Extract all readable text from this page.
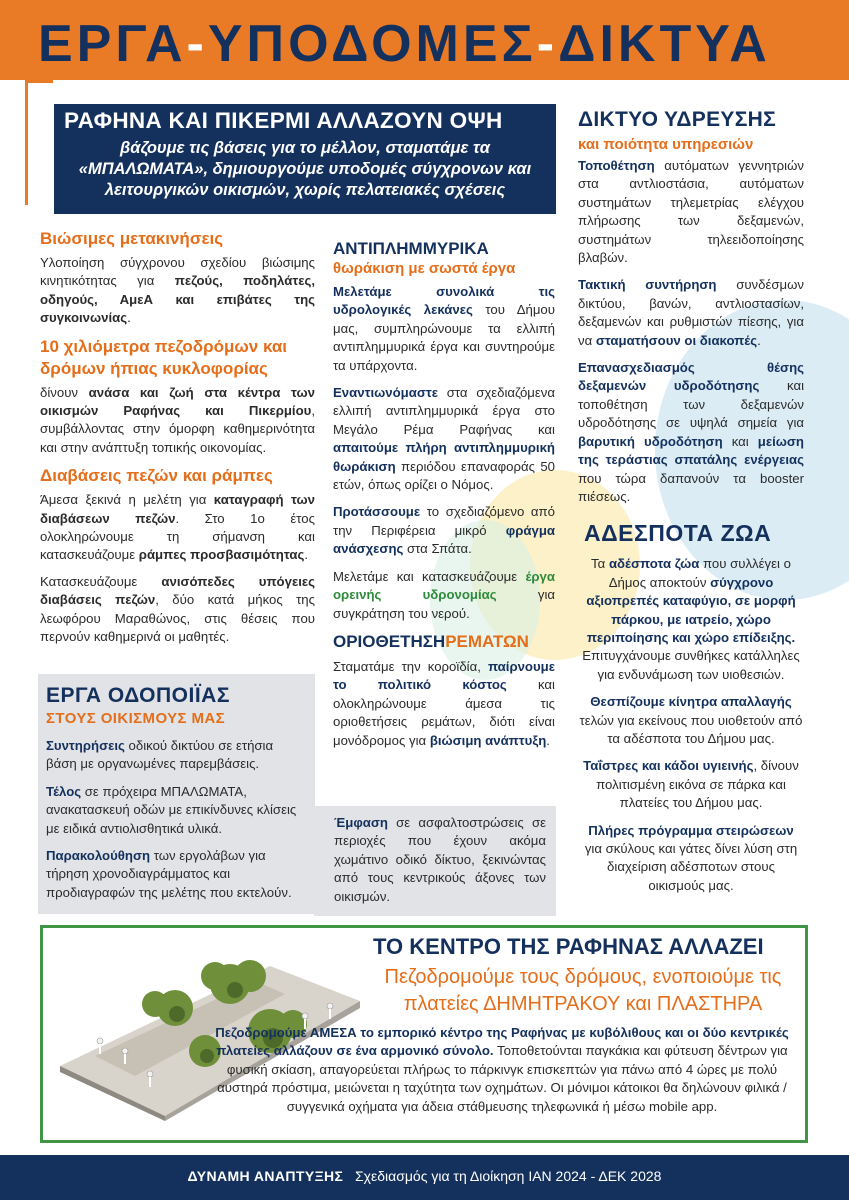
ΕΡΓΑ-ΥΠΟΔΟΜΕΣ-ΔΙΚΤΥΑ
ΡΑΦΗΝΑ ΚΑΙ ΠΙΚΕΡΜΙ ΑΛΛΑΖΟΥΝ ΟΨΗ
βάζουμε τις βάσεις για το μέλλον, σταματάμε τα «ΜΠΑΛΩΜΑΤΑ», δημιουργούμε υποδομές σύγχρονων και λειτουργικών οικισμών, χωρίς πελατειακές σχέσεις
Βιώσιμες μετακινήσεις

Υλοποίηση σύγχρονου σχεδίου βιώσιμης κινητικότητας για πεζούς, ποδηλάτες, οδηγούς, ΑμεΑ και επιβάτες της συγκοινωνίας.

10 χιλιόμετρα πεζοδρόμων και δρόμων ήπιας κυκλοφορίας

δίνουν ανάσα και ζωή στα κέντρα των οικισμών Ραφήνας και Πικερμίου, συμβάλλοντας στην όμορφη καθημερινότητα και στην ανάπτυξη τοπικής οικονομίας.

Διαβάσεις πεζών και ράμπες

Άμεσα ξεκινά η μελέτη για καταγραφή των διαβάσεων πεζών. Στο 1ο έτος ολοκληρώνουμε τη σήμανση και κατασκευάζουμε ράμπες προσβασιμότητας.

Κατασκευάζουμε ανισόπεδες υπόγειες διαβάσεις πεζών, δύο κατά μήκος της λεωφόρου Μαραθώνος, στις θέσεις που περνούν καθημερινά οι μαθητές.

ΕΡΓΑ ΟΔΟΠΟΙΪΑΣ
ΣΤΟΥΣ ΟΙΚΙΣΜΟΥΣ ΜΑΣ

Συντηρήσεις οδικού δικτύου σε ετήσια βάση με οργανωμένες παρεμβάσεις.

Τέλος σε πρόχειρα ΜΠΑΛΩΜΑΤΑ, ανακατασκευή οδών με επικίνδυνες κλίσεις με ειδικά αντιολισθητικά υλικά.

Παρακολούθηση των εργολάβων για τήρηση χρονοδιαγράμματος και προδιαγραφών της μελέτης που εκτελούν.

ΑΝΤΙΠΛΗΜΜΥΡΙΚΑ
θωράκιση με σωστά έργα

Μελετάμε συνολικά τις υδρολογικές λεκάνες του Δήμου μας, συμπληρώνουμε τα ελλιπή αντιπλημμυρικά έργα και συντηρούμε τα υπάρχοντα.

Εναντιωνόμαστε στα σχεδιαζόμενα ελλιπή αντιπλημμυρικά έργα στο Μεγάλο Ρέμα Ραφήνας και απαιτούμε πλήρη αντιπλημμυρική θωράκιση περιόδου επαναφοράς 50 ετών, όπως ορίζει ο Νόμος.

Προτάσσουμε το σχεδιαζόμενο από την Περιφέρεια μικρό φράγμα ανάσχεσης στα Σπάτα.

Μελετάμε και κατασκευάζουμε έργα ορεινής υδρονομίας για συγκράτηση του νερού.

ΟΡΙΟΘΕΤΗΣΗΡΕΜΑΤΩΝ

Σταματάμε την κοροϊδία, παίρνουμε το πολιτικό κόστος και ολοκληρώνουμε άμεσα τις οριοθετήσεις ρεμάτων, διότι είναι μονόδρομος για βιώσιμη ανάπτυξη.

Έμφαση σε ασφαλτοστρώσεις σε περιοχές που έχουν ακόμα χωμάτινο οδικό δίκτυο, ξεκινώντας από τους κεντρικούς άξονες των οικισμών.

ΔΙΚΤΥΟ ΥΔΡΕΥΣΗΣ
και ποιότητα υπηρεσιών

Τοποθέτηση αυτόματων γεννητριών στα αντλιοστάσια, αυτόματων συστημάτων τηλεμετρίας ελέγχου πλήρωσης των δεξαμενών, συστημάτων τηλεειδοποίησης βλαβών.

Τακτική συντήρηση συνδέσμων δικτύου, βανών, αντλιοστασίων, δεξαμενών και ρυθμιστών πίεσης, για να σταματήσουν οι διακοπές.

Επανασχεδιασμός θέσης δεξαμενών υδροδότησης και τοποθέτηση των δεξαμενών υδροδότησης σε υψηλά σημεία για βαρυτική υδροδότηση και μείωση της τεράστιας σπατάλης ενέργειας που τώρα δαπανούν τα booster πιέσεως.

ΑΔΕΣΠΟΤΑ ΖΩΑ

Τα αδέσποτα ζώα που συλλέγει ο Δήμος αποκτούν σύγχρονο αξιοπρεπές καταφύγιο, σε μορφή πάρκου, με ιατρείο, χώρο περιποίησης και χώρο επίδειξης. Επιτυγχάνουμε συνθήκες κατάλληλες για ενδυνάμωση των υιοθεσιών.

Θεσπίζουμε κίνητρα απαλλαγής τελών για εκείνους που υιοθετούν από τα αδέσποτα του Δήμου μας.

Ταΐστρες και κάδοι υγιεινής, δίνουν πολιτισμένη εικόνα σε πάρκα και πλατείες του Δήμου μας.

Πλήρες πρόγραμμα στειρώσεων για σκύλους και γάτες δίνει λύση στη διαχείριση αδέσποτων στους οικισμούς μας.

ΤΟ ΚΕΝΤΡΟ ΤΗΣ ΡΑΦΗΝΑΣ ΑΛΛΑΖΕΙ
Πεζοδρομούμε τους δρόμους, ενοποιούμε τις πλατείες ΔΗΜΗΤΡΑΚΟΥ και ΠΛΑΣΤΗΡΑ
Πεζοδρομούμε ΑΜΕΣΑ το εμπορικό κέντρο της Ραφήνας με κυβόλιθους και οι δύο κεντρικές πλατείες αλλάζουν σε ένα αρμονικό σύνολο. Τοποθετούνται παγκάκια και φύτευση δέντρων για φυσική σκίαση, απαγορεύεται πλήρως το πάρκινγκ επισκεπτών για πάνω από 4 ώρες με πολύ αυστηρά πρόστιμα, μειώνεται η ταχύτητα των οχημάτων. Οι μόνιμοι κάτοικοι θα δηλώνουν φιλικά / συγγενικά οχήματα για άδεια στάθμευσης τηλεφωνικά ή μέσω mobile app.
ΔΥΝΑΜΗ ΑΝΑΠΤΥΞΗΣ Σχεδιασμός για τη Διοίκηση ΙΑΝ 2024 - ΔΕΚ 2028
